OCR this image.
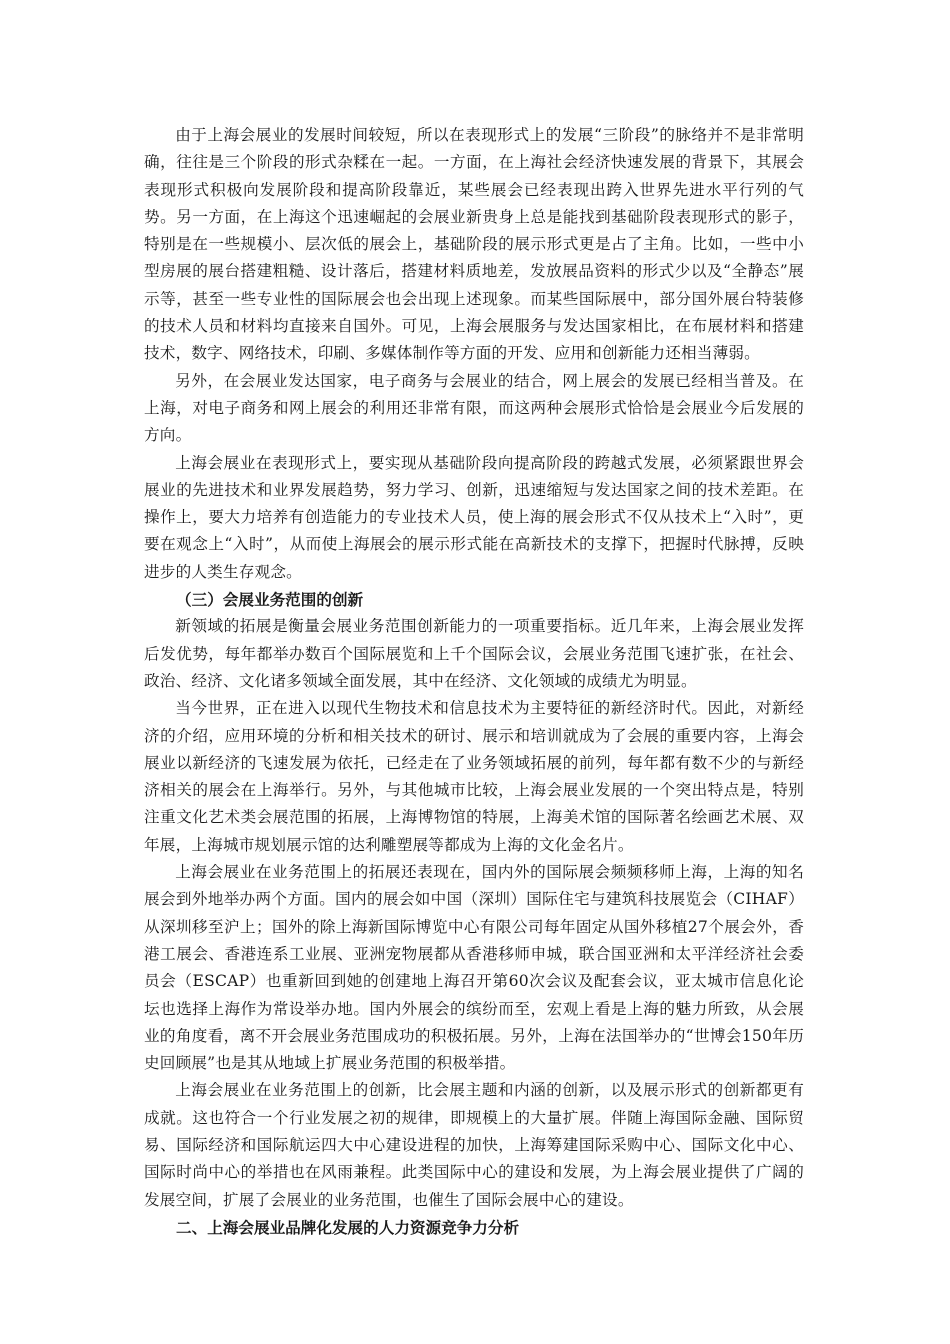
由于上海会展业的发展时间较短，所以在表现形式上的发展“三阶段”的脉络并不是非常明确，往往是三个阶段的形式杂糅在一起。一方面，在上海社会经济快速发展的背景下，其展会表现形式积极向发展阶段和提高阶段靠近，某些展会已经表现出跨入世界先进水平行列的气势。另一方面，在上海这个迅速崛起的会展业新贵身上总是能找到基础阶段表现形式的影子，特别是在一些规模小、层次低的展会上，基础阶段的展示形式更是占了主角。比如，一些中小型房展的展台搭建粗糙、设计落后，搭建材料质地差，发放展品资料的形式少以及“全静态”展示等，甚至一些专业性的国际展会也会出现上述现象。而某些国际展中，部分国外展台特装修的技术人员和材料均直接来自国外。可见，上海会展服务与发达国家相比，在布展材料和搭建技术，数字、网络技术，印刷、多媒体制作等方面的开发、应用和创新能力还相当薄弱。

另外，在会展业发达国家，电子商务与会展业的结合，网上展会的发展已经相当普及。在上海，对电子商务和网上展会的利用还非常有限，而这两种会展形式恰恰是会展业今后发展的方向。

上海会展业在表现形式上，要实现从基础阶段向提高阶段的跨越式发展，必须紧跟世界会展业的先进技术和业界发展趋势，努力学习、创新，迅速缩短与发达国家之间的技术差距。在操作上，要大力培养有创造能力的专业技术人员，使上海的展会形式不仅从技术上“入时”，更要在观念上“入时”，从而使上海展会的展示形式能在高新技术的支撑下，把握时代脉搏，反映进步的人类生存观念。

（三）会展业务范围的创新

新领域的拓展是衡量会展业务范围创新能力的一项重要指标。近几年来，上海会展业发挥后发优势，每年都举办数百个国际展览和上千个国际会议，会展业务范围飞速扩张，在社会、政治、经济、文化诸多领域全面发展，其中在经济、文化领域的成绩尤为明显。

当今世界，正在进入以现代生物技术和信息技术为主要特征的新经济时代。因此，对新经济的介绍，应用环境的分析和相关技术的研讨、展示和培训就成为了会展的重要内容，上海会展业以新经济的飞速发展为依托，已经走在了业务领域拓展的前列，每年都有数不少的与新经济相关的展会在上海举行。另外，与其他城市比较，上海会展业发展的一个突出特点是，特别注重文化艺术类会展范围的拓展，上海博物馆的特展，上海美术馆的国际著名绘画艺术展、双年展，上海城市规划展示馆的达利雕塑展等都成为上海的文化金名片。

上海会展业在业务范围上的拓展还表现在，国内外的国际展会频频移师上海，上海的知名展会到外地举办两个方面。国内的展会如中国（深圳）国际住宅与建筑科技展览会（CIHAF）从深圳移至沪上；国外的除上海新国际博览中心有限公司每年固定从国外移植27个展会外，香港工展会、香港连系工业展、亚洲宠物展都从香港移师申城，联合国亚洲和太平洋经济社会委员会（ESCAP）也重新回到她的创建地上海召开第60次会议及配套会议，亚太城市信息化论坛也选择上海作为常设举办地。国内外展会的缤纷而至，宏观上看是上海的魅力所致，从会展业的角度看，离不开会展业务范围成功的积极拓展。另外，上海在法国举办的“世博会150年历史回顾展”也是其从地域上扩展业务范围的积极举措。

上海会展业在业务范围上的创新，比会展主题和内涵的创新，以及展示形式的创新都更有成就。这也符合一个行业发展之初的规律，即规模上的大量扩展。伴随上海国际金融、国际贸易、国际经济和国际航运四大中心建设进程的加快，上海筹建国际采购中心、国际文化中心、国际时尚中心的举措也在风雨兼程。此类国际中心的建设和发展，为上海会展业提供了广阔的发展空间，扩展了会展业的业务范围，也催生了国际会展中心的建设。

二、上海会展业品牌化发展的人力资源竞争力分析
